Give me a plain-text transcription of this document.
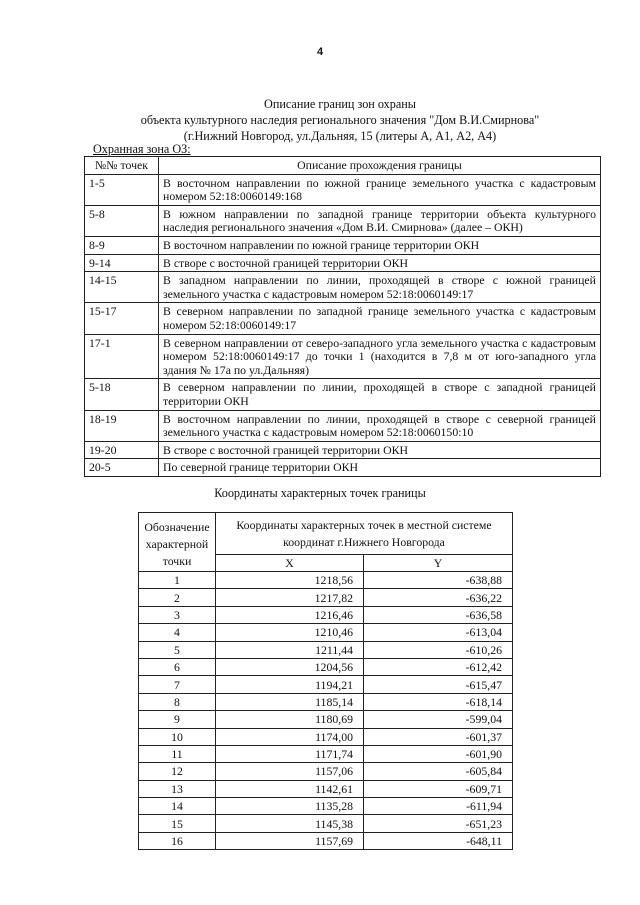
4
Описание границ зон охраны
объекта культурного наследия регионального значения "Дом В.И.Смирнова"
(г.Нижний Новгород, ул.Дальняя, 15 (литеры А, А1, А2, А4)
Охранная зона ОЗ:
№№ точек	Описание прохождения границы
1-5	В восточном направлении по южной границе земельного участка с кадастровым номером 52:18:0060149:168
5-8	В южном направлении по западной границе территории объекта культурного наследия регионального значения «Дом В.И. Смирнова» (далее – ОКН)
8-9	В восточном направлении по южной границе территории ОКН
9-14	В створе с восточной границей территории ОКН
14-15	В западном направлении по линии, проходящей в створе с южной границей земельного участка с кадастровым номером 52:18:0060149:17
15-17	В северном направлении по западной границе земельного участка с кадастровым номером 52:18:0060149:17
17-1	В северном направлении от северо-западного угла земельного участка с кадастровым номером 52:18:0060149:17 до точки 1 (находится в 7,8 м от юго-западного угла здания № 17а по ул.Дальняя)
5-18	В северном направлении по линии, проходящей в створе с западной границей территории ОКН
18-19	В восточном направлении по линии, проходящей в створе с северной границей земельного участка с кадастровым номером 52:18:0060150:10
19-20	В створе с восточной границей территории ОКН
20-5	По северной границе территории ОКН
Координаты характерных точек границы
Обозначение характерной точки	Координаты характерных точек в местной системе координат г.Нижнего Новгорода	
	X	Y
1	1218,56	-638,88
2	1217,82	-636,22
3	1216,46	-636,58
4	1210,46	-613,04
5	1211,44	-610,26
6	1204,56	-612,42
7	1194,21	-615,47
8	1185,14	-618,14
9	1180,69	-599,04
10	1174,00	-601,37
11	1171,74	-601,90
12	1157,06	-605,84
13	1142,61	-609,71
14	1135,28	-611,94
15	1145,38	-651,23
16	1157,69	-648,11
